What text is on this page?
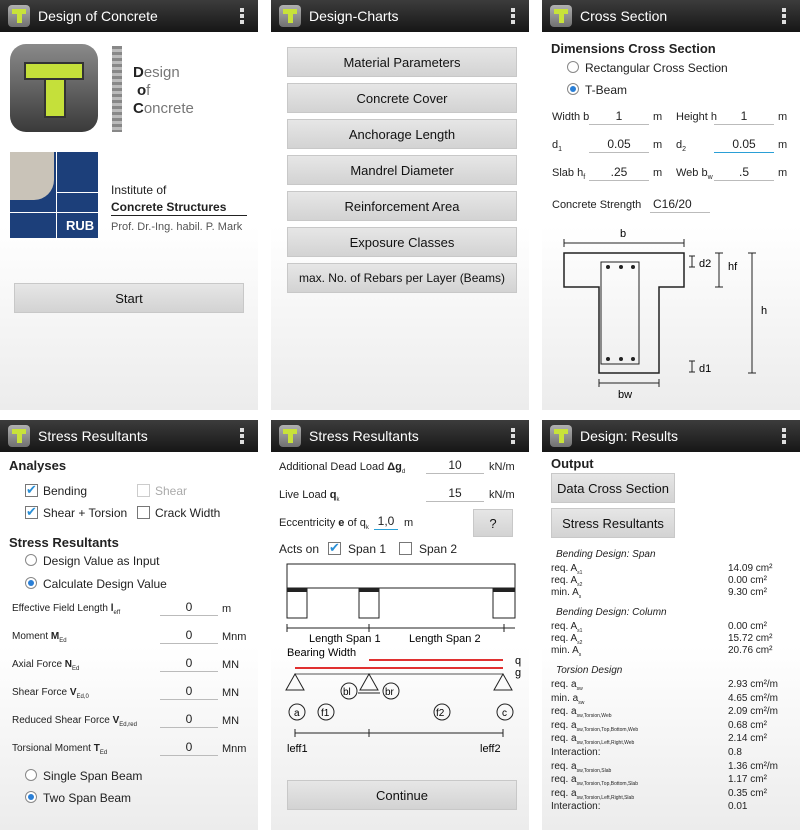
Design of Concrete
Design
of
Concrete
RUB
Institute of
Concrete Structures
Prof. Dr.-Ing. habil. P. Mark
Start
Design-Charts
Material Parameters
Concrete Cover
Anchorage Length
Mandrel Diameter
Reinforcement Area
Exposure Classes
max. No. of Rebars per Layer (Beams)
Cross Section
Dimensions Cross Section
Rectangular Cross Section
T-Beam
Width b	1	m Height h	1	m
$d_1$	0.05	m $d_2$	0.05	m
Slab $h_f$	.25	m Web $b_w$	.5	m
Concrete Strength C16/20
b
hf
d2
h
d1
bw
Stress Resultants
Analyses
✔
Bending	Shear
✔
Shear + Torsion Crack Width
Stress Resultants
Design Value as Input
Calculate Design Value
Effective Field Length $l_{eff}$	0	m
Moment $M_{Ed}$	0	Mnm
Axial Force $N_{Ed}$	0	MN
Shear Force $V_{Ed,0}$	0	MN
Reduced Shear Force $V_{Ed,red}$	0	MN
Torsional Moment $T_{Ed}$	0	Mnm
Single Span Beam
Two Span Beam
Stress Resultants
Additional Dead Load $\Delta g_d$
10	kN/m
Live Load $q_k$
15	kN/m
Eccentricity e of $q_k$
1,0 m	?
Acts on
✔ Span 1	Span 2
Length Span 1	Length Span 2
Bearing Width
q
g
bl	br
a f1	f2	c
leff1	leff2
Continue
Design: Results
Output
Data Cross Section
Stress Resultants
Bending Design: Span
req. $A_{s1}$	14.09 cm²
req. $A_{s2}$	0.00 cm²
min. $A_s$	9.30 cm²
Bending Design: Column
req. $A_{s1}$	0.00 cm²
req. $A_{s2}$	15.72 cm²
min. $A_s$	20.76 cm²
Torsion Design
req. $a_{sw}$	2.93 cm²/m
min. $a_{sw}$	4.65 cm²/m
req. $a_{sw,Torsion,Web}$	2.09 cm²/m
req. $a_{sw,Torsion,Top,Bottom,Web}$	0.68 cm²
req. $a_{sw,Torsion,Left,Right,Web}$	2.14 cm²
Interaction:	0.8
req. $a_{sw,Torsion,Slab}$	1.36 cm²/m
req. $a_{sw,Torsion,Top,Bottom,Slab}$	1.17 cm²
req. $a_{sw,Torsion,Left,Right,Slab}$	0.35 cm²
Interaction:	0.01
